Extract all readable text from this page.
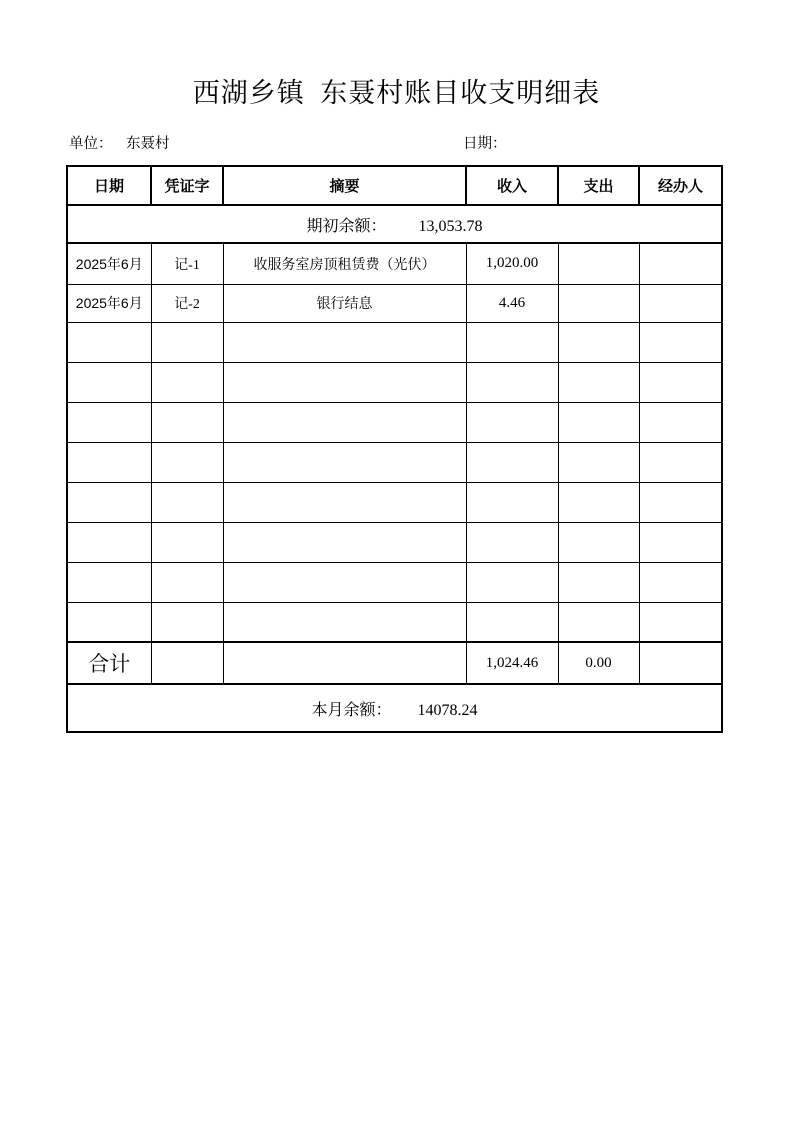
西湖乡镇  东聂村账目收支明细表
单位： 东聂村	日期：
日期	凭证字	摘要	收入	支出	经办人
期初余额： 13,053.78					
2025年6月	记-1	收服务室房顶租赁费（光伏）	1,020.00		
2025年6月	记-2	银行结息	4.46		

合计			1,024.46	0.00	
本月余额： 14078.24					
